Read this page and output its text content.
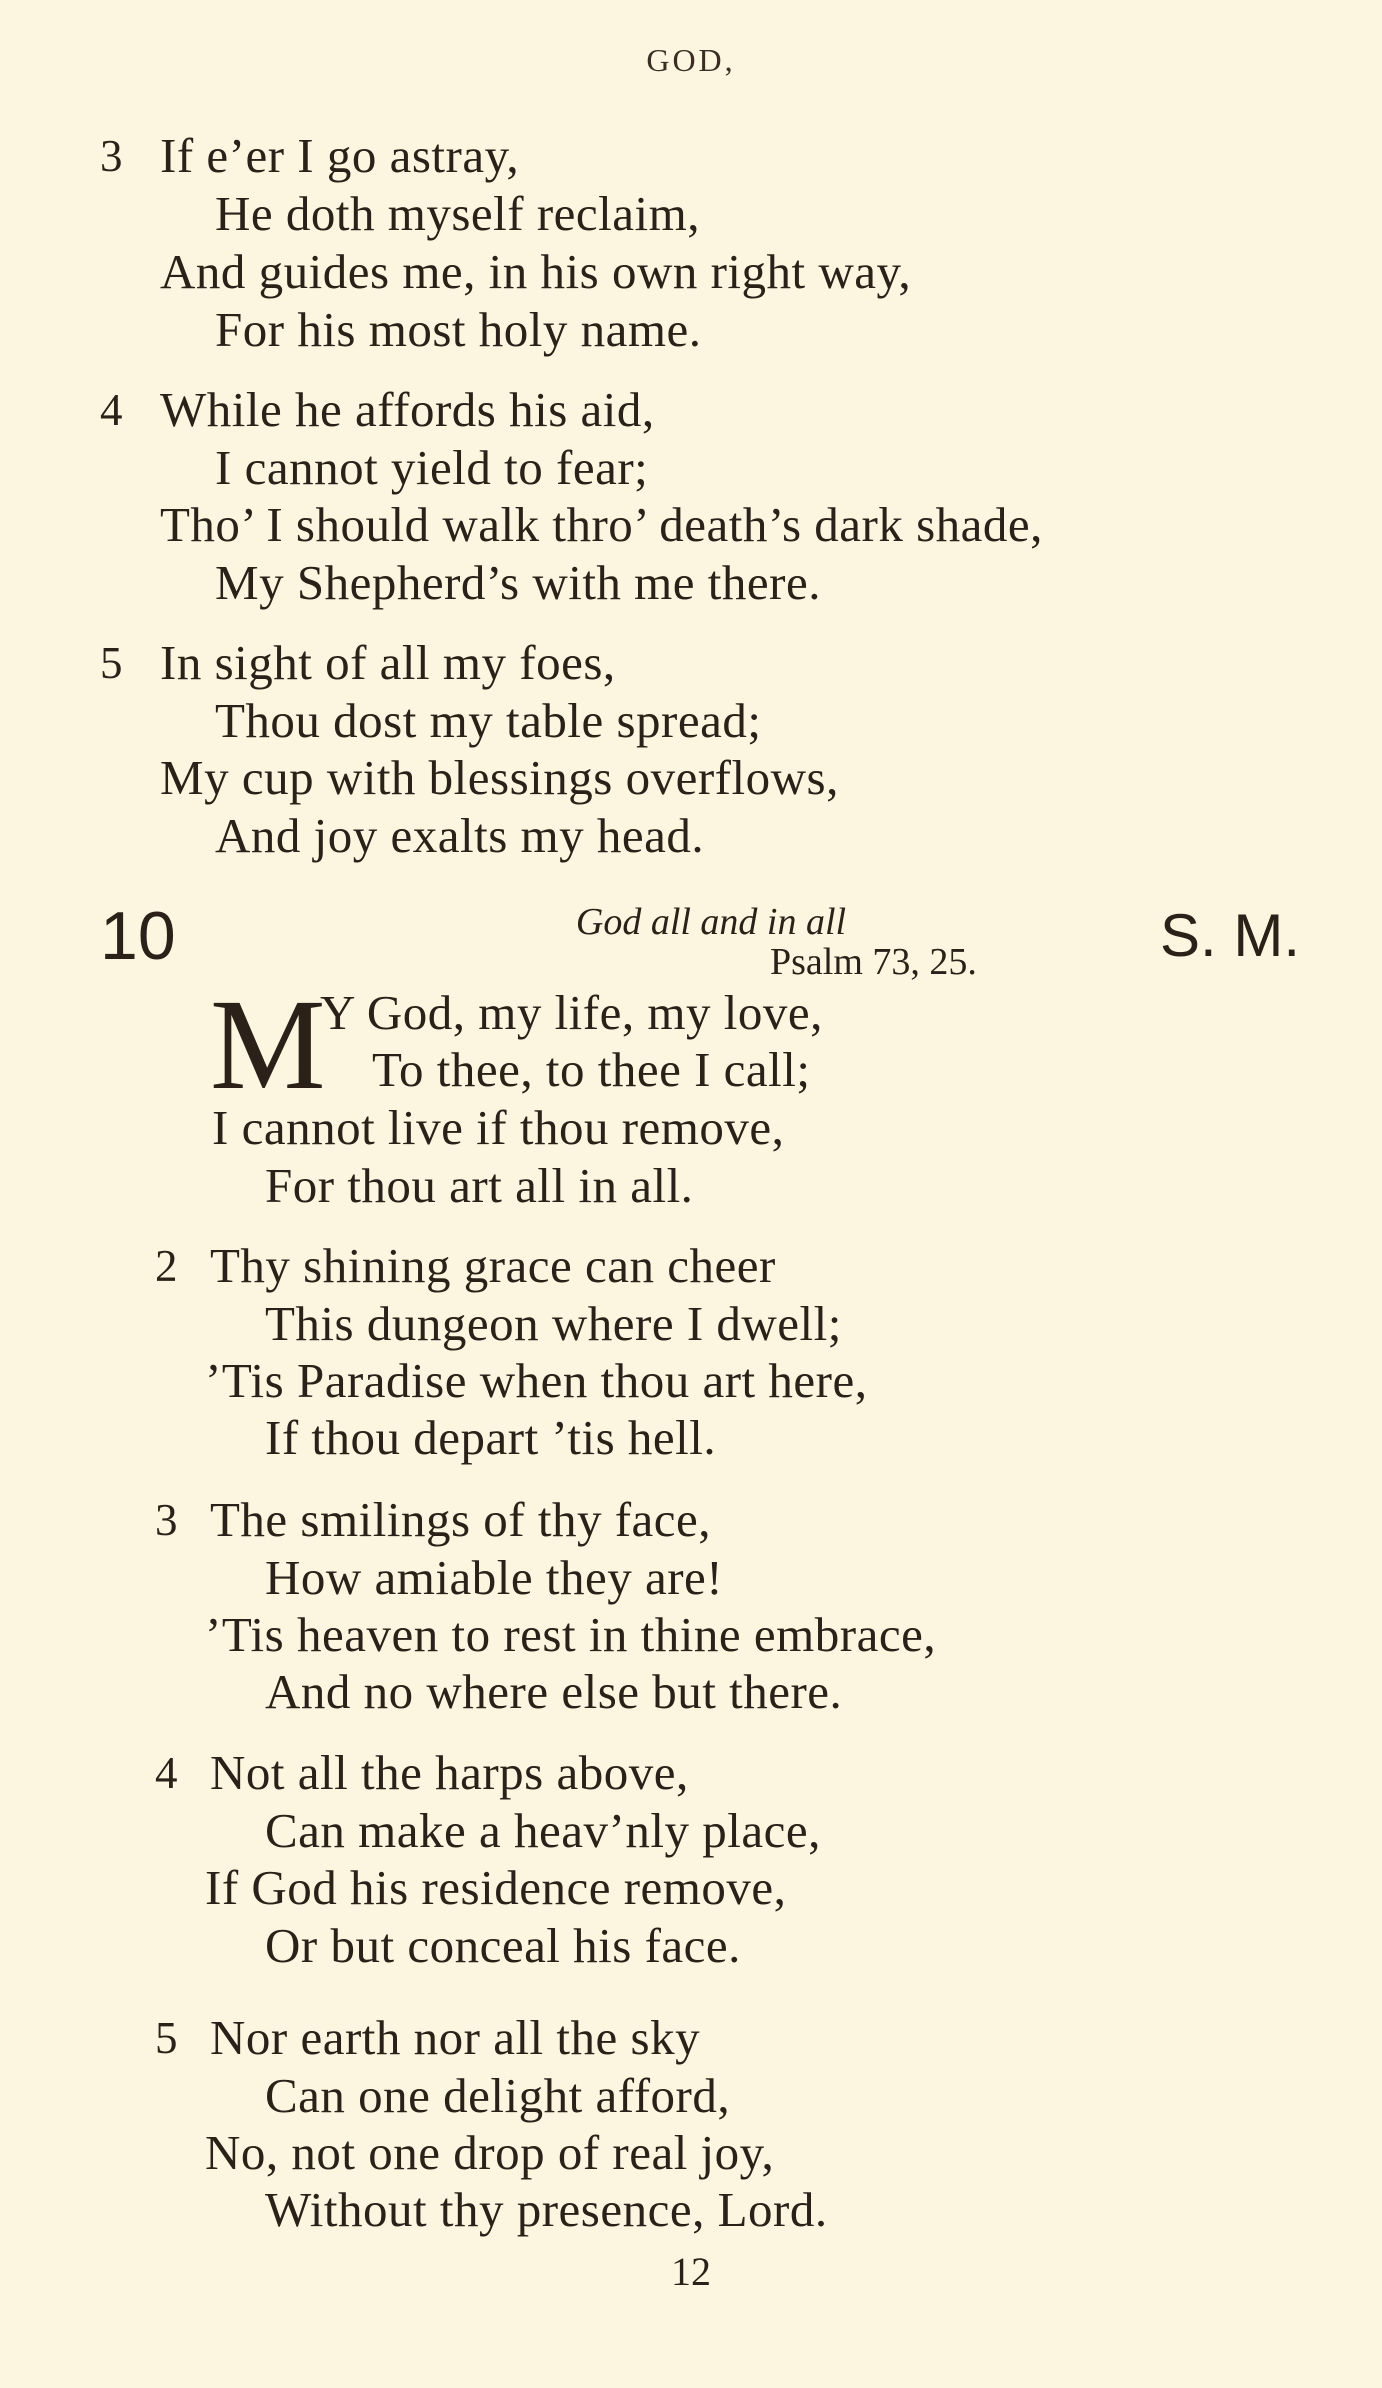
GOD,
3 If e’er I go astray,
He doth myself reclaim,
And guides me, in his own right way,
For his most holy name.
4 While he affords his aid,
I cannot yield to fear;
Tho’ I should walk thro’ death’s dark shade,
My Shepherd’s with me there.
5 In sight of all my foes,
Thou dost my table spread;
My cup with blessings overflows,
And joy exalts my head.
10	God all and in all
Psalm 73, 25.	S. M.
M
Y God, my life, my love,
To thee, to thee I call;
I cannot live if thou remove,
For thou art all in all.
2 Thy shining grace can cheer
This dungeon where I dwell;
’Tis Paradise when thou art here,
If thou depart ’tis hell.
3 The smilings of thy face,
How amiable they are!
’Tis heaven to rest in thine embrace,
And no where else but there.
4 Not all the harps above,
Can make a heav’nly place,
If God his residence remove,
Or but conceal his face.
5 Nor earth nor all the sky
Can one delight afford,
No, not one drop of real joy,
Without thy presence, Lord.
12
